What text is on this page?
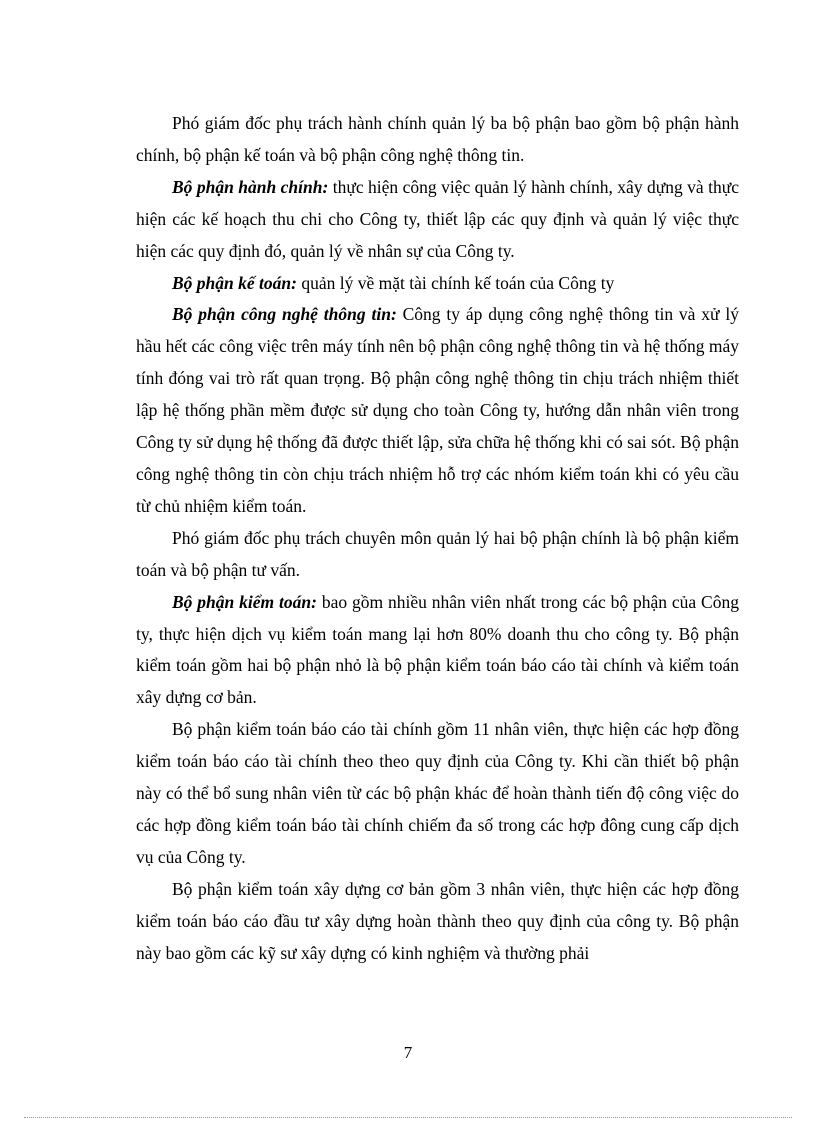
Phó giám đốc phụ trách hành chính quản lý ba bộ phận bao gồm bộ phận hành chính, bộ phận kế toán và bộ phận công nghệ thông tin.

Bộ phận hành chính: thực hiện công việc quản lý hành chính, xây dựng và thực hiện các kế hoạch thu chi cho Công ty, thiết lập các quy định và quản lý việc thực hiện các quy định đó, quản lý về nhân sự của Công ty.

Bộ phận kế toán: quản lý về mặt tài chính kế toán của Công ty

Bộ phận công nghệ thông tin: Công ty áp dụng công nghệ thông tin và xử lý hầu hết các công việc trên máy tính nên bộ phận công nghệ thông tin và hệ thống máy tính đóng vai trò rất quan trọng. Bộ phận công nghệ thông tin chịu trách nhiệm thiết lập hệ thống phần mềm được sử dụng cho toàn Công ty, hướng dẫn nhân viên trong Công ty sử dụng hệ thống đã được thiết lập, sửa chữa hệ thống khi có sai sót. Bộ phận công nghệ thông tin còn chịu trách nhiệm hỗ trợ các nhóm kiểm toán khi có yêu cầu từ chủ nhiệm kiểm toán.

Phó giám đốc phụ trách chuyên môn quản lý hai bộ phận chính là bộ phận kiểm toán và bộ phận tư vấn.

Bộ phận kiểm toán: bao gồm nhiều nhân viên nhất trong các bộ phận của Công ty, thực hiện dịch vụ kiểm toán mang lại hơn 80% doanh thu cho công ty. Bộ phận kiểm toán gồm hai bộ phận nhỏ là bộ phận kiểm toán báo cáo tài chính và kiểm toán xây dựng cơ bản.

Bộ phận kiểm toán báo cáo tài chính gồm 11 nhân viên, thực hiện các hợp đồng kiểm toán báo cáo tài chính theo theo quy định của Công ty. Khi cần thiết bộ phận này có thể bổ sung nhân viên từ các bộ phận khác để hoàn thành tiến độ công việc do các hợp đồng kiểm toán báo tài chính chiếm đa số trong các hợp đông cung cấp dịch vụ của Công ty.

Bộ phận kiểm toán xây dựng cơ bản gồm 3 nhân viên, thực hiện các hợp đồng kiểm toán báo cáo đầu tư xây dựng hoàn thành theo quy định của công ty. Bộ phận này bao gồm các kỹ sư xây dựng có kinh nghiệm và thường phải

7
